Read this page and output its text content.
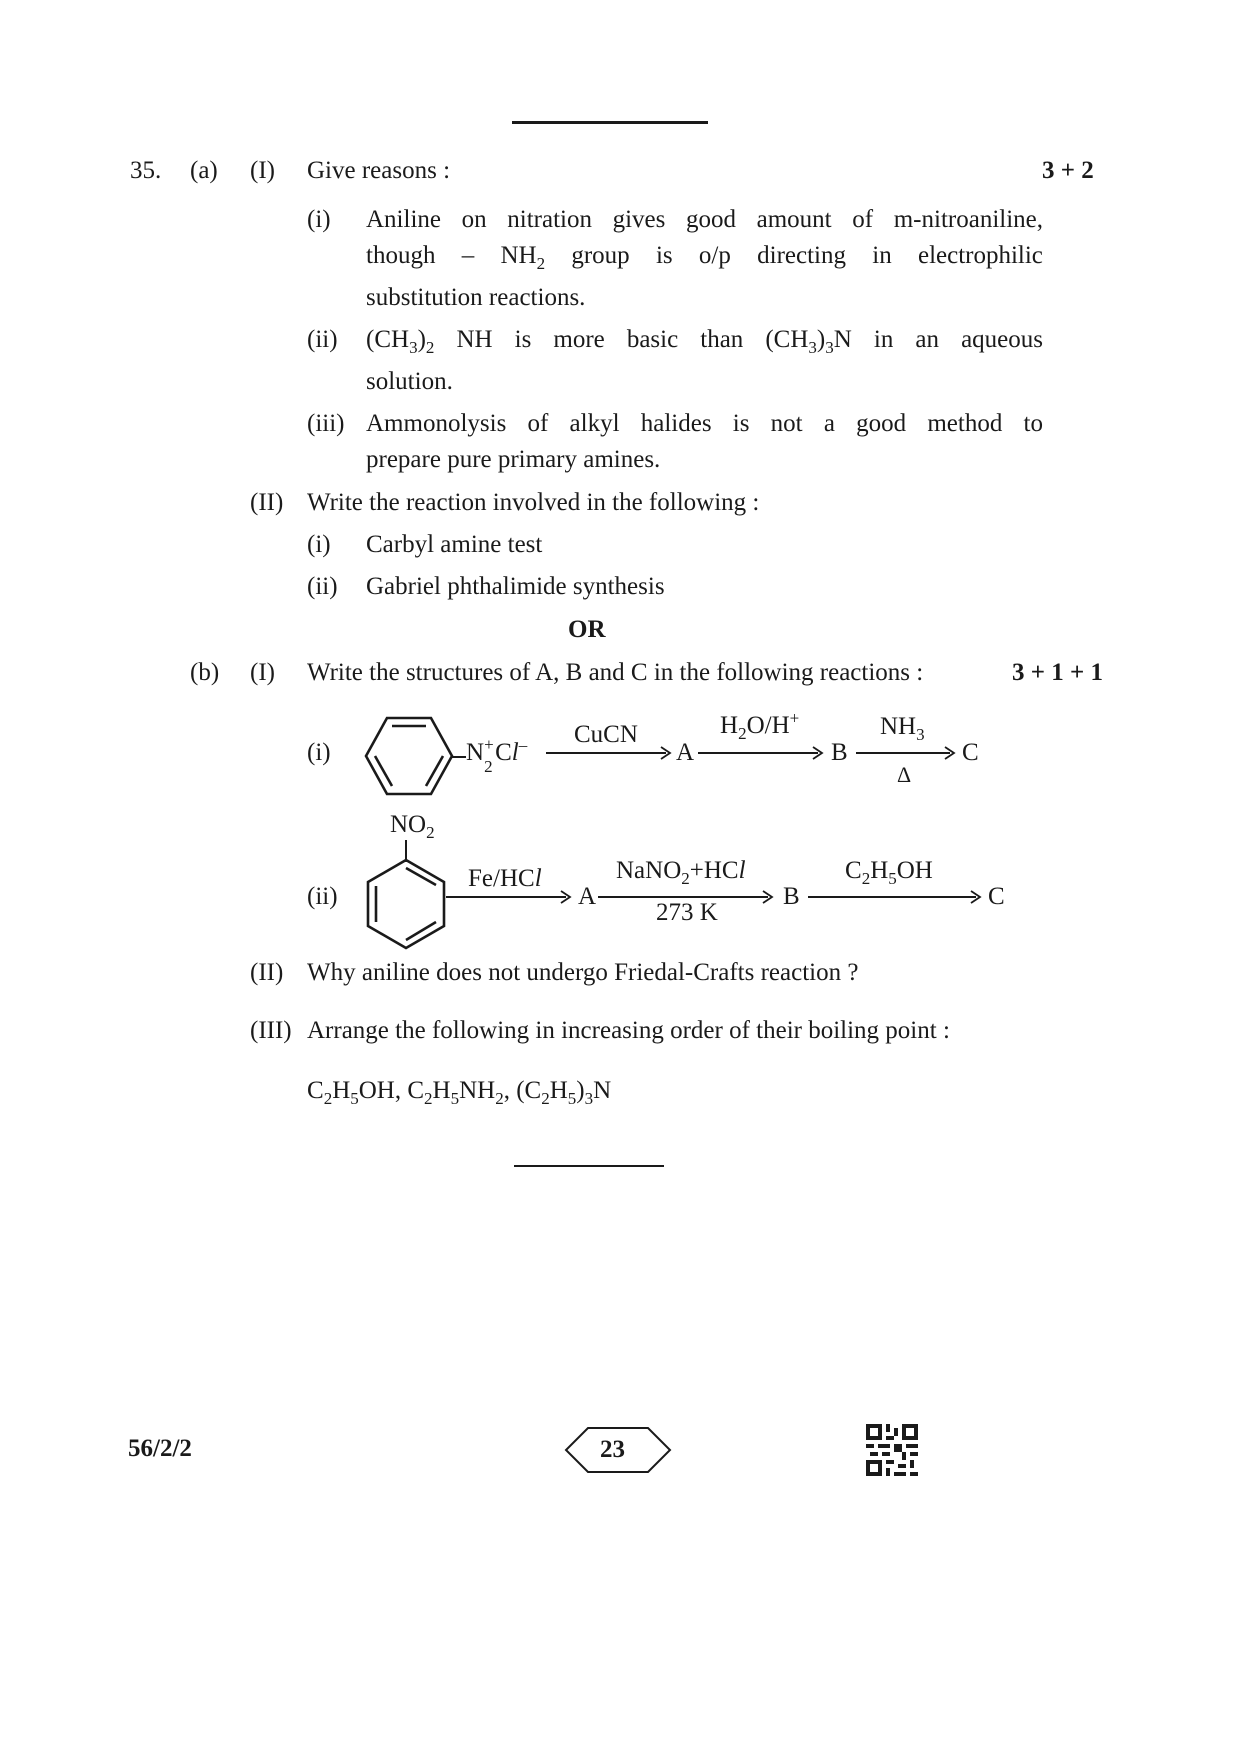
35. (a) (I) Give reasons :	3 + 2
(i) Aniline on nitration gives good amount of m-nitroaniline,
though – $NH_2$ group is o/p directing in electrophilic
substitution reactions.
(ii) $(CH_3)_2$ NH is more basic than $(CH_3)_3N$ in an aqueous
solution.
(iii) Ammonolysis of alkyl halides is not a good method to
prepare pure primary amines.
(II) Write the reaction involved in the following :
(i) Carbyl amine test
(ii) Gabriel phthalimide synthesis
OR
(b) (I) Write the structures of A, B and C in the following reactions :	3 + 1 + 1
(i)	N +
2
Cl– CuCN
A
$H_2O/H^+$
B
$NH_3$
Δ
C
$NO_2$
(ii)
Fe/HCl
A
NaNO$_2$+HCl
273 K
B
$C_2H_5OH$
C
(II) Why aniline does not undergo Friedal-Crafts reaction ?
(III) Arrange the following in increasing order of their boiling point :
$C_2H_5OH$, $C_2H_5NH_2$, $(C_2H_5)_3N$
56/2/2	23
